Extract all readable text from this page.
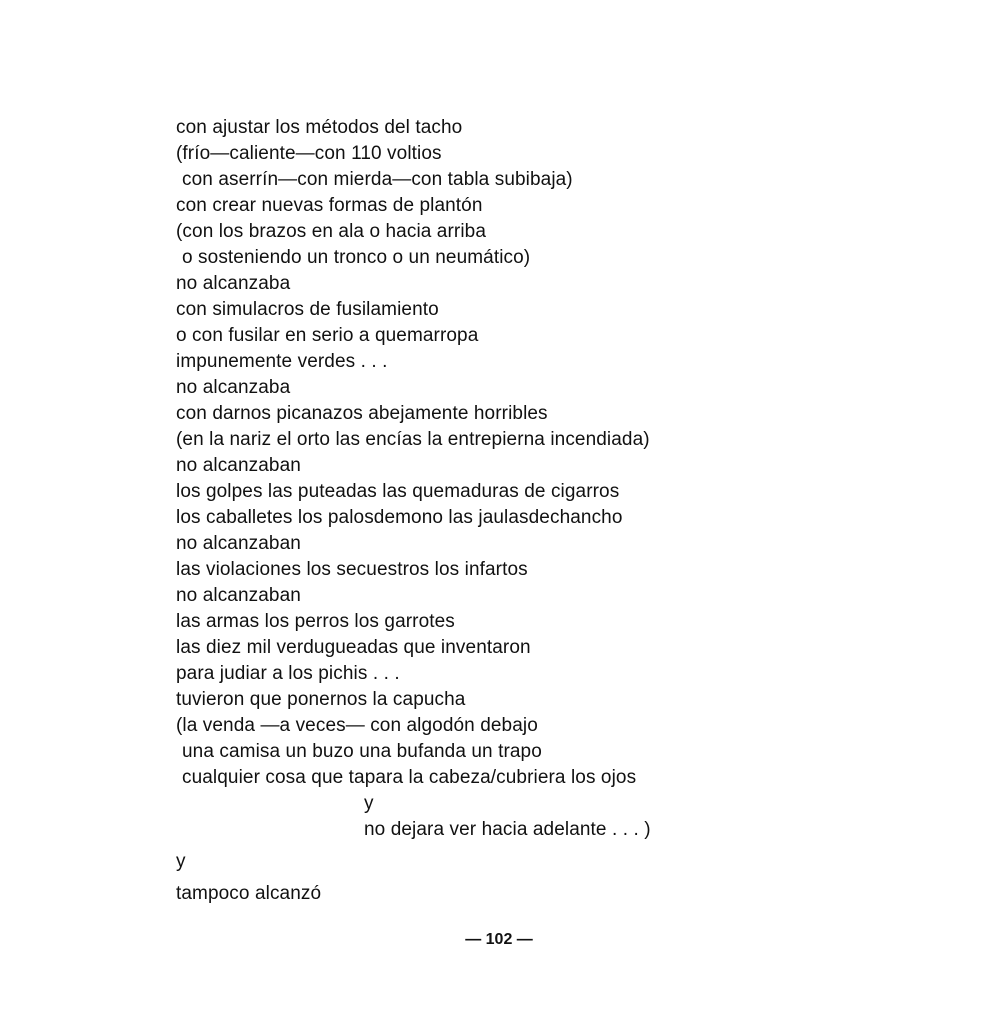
con ajustar los métodos del tacho
(frío—caliente—con 110 voltios
con aserrín—con mierda—con tabla subibaja)
con crear nuevas formas de plantón
(con los brazos en ala o hacia arriba
o sosteniendo un tronco o un neumático)
no alcanzaba
con simulacros de fusilamiento
o con fusilar en serio a quemarropa
impunemente verdes . . .
no alcanzaba
con darnos picanazos abejamente horribles
(en la nariz el orto las encías la entrepierna incendiada)
no alcanzaban
los golpes las puteadas las quemaduras de cigarros
los caballetes los palosdemono las jaulasdechancho
no alcanzaban
las violaciones los secuestros los infartos
no alcanzaban
las armas los perros los garrotes
las diez mil verdugueadas que inventaron
para judiar a los pichis . . .
tuvieron que ponernos la capucha
(la venda —a veces— con algodón debajo
una camisa un buzo una bufanda un trapo
cualquier cosa que tapara la cabeza/cubriera los ojos
y
no dejara ver hacia adelante . . . )
y
tampoco alcanzó
— 102 —
